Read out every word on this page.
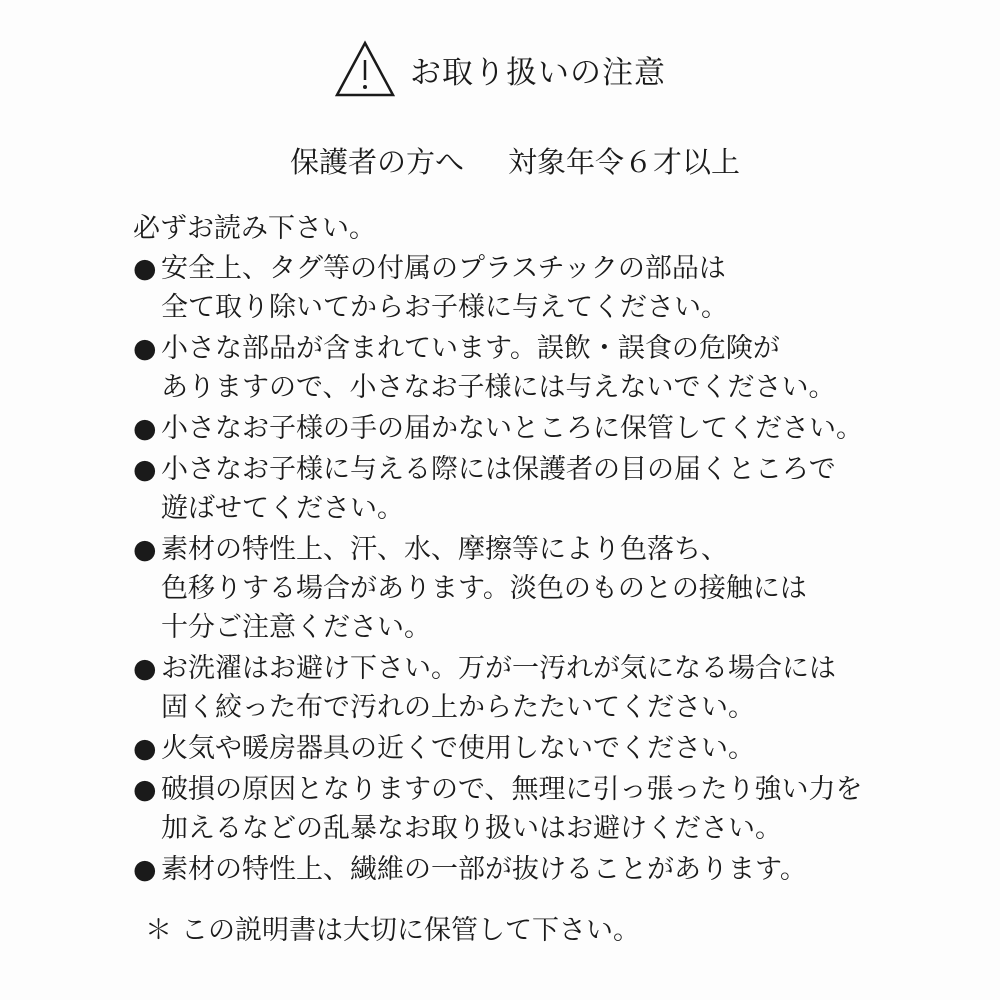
お取り扱いの注意
保護者の方へ 対象年令６才以上
必ずお読み下さい。
● 安全上、タグ等の付属のプラスチックの部品は
全て取り除いてからお子様に与えてください。
● 小さな部品が含まれています。誤飲・誤食の危険が
ありますので、小さなお子様には与えないでください。
● 小さなお子様の手の届かないところに保管してください。
● 小さなお子様に与える際には保護者の目の届くところで
遊ばせてください。
● 素材の特性上、汗、水、摩擦等により色落ち、
色移りする場合があります。淡色のものとの接触には
十分ご注意ください。
● お洗濯はお避け下さい。万が一汚れが気になる場合には
固く絞った布で汚れの上からたたいてください。
● 火気や暖房器具の近くで使用しないでください。
● 破損の原因となりますので、無理に引っ張ったり強い力を
加えるなどの乱暴なお取り扱いはお避けください。
● 素材の特性上、繊維の一部が抜けることがあります。
＊ この説明書は大切に保管して下さい。
